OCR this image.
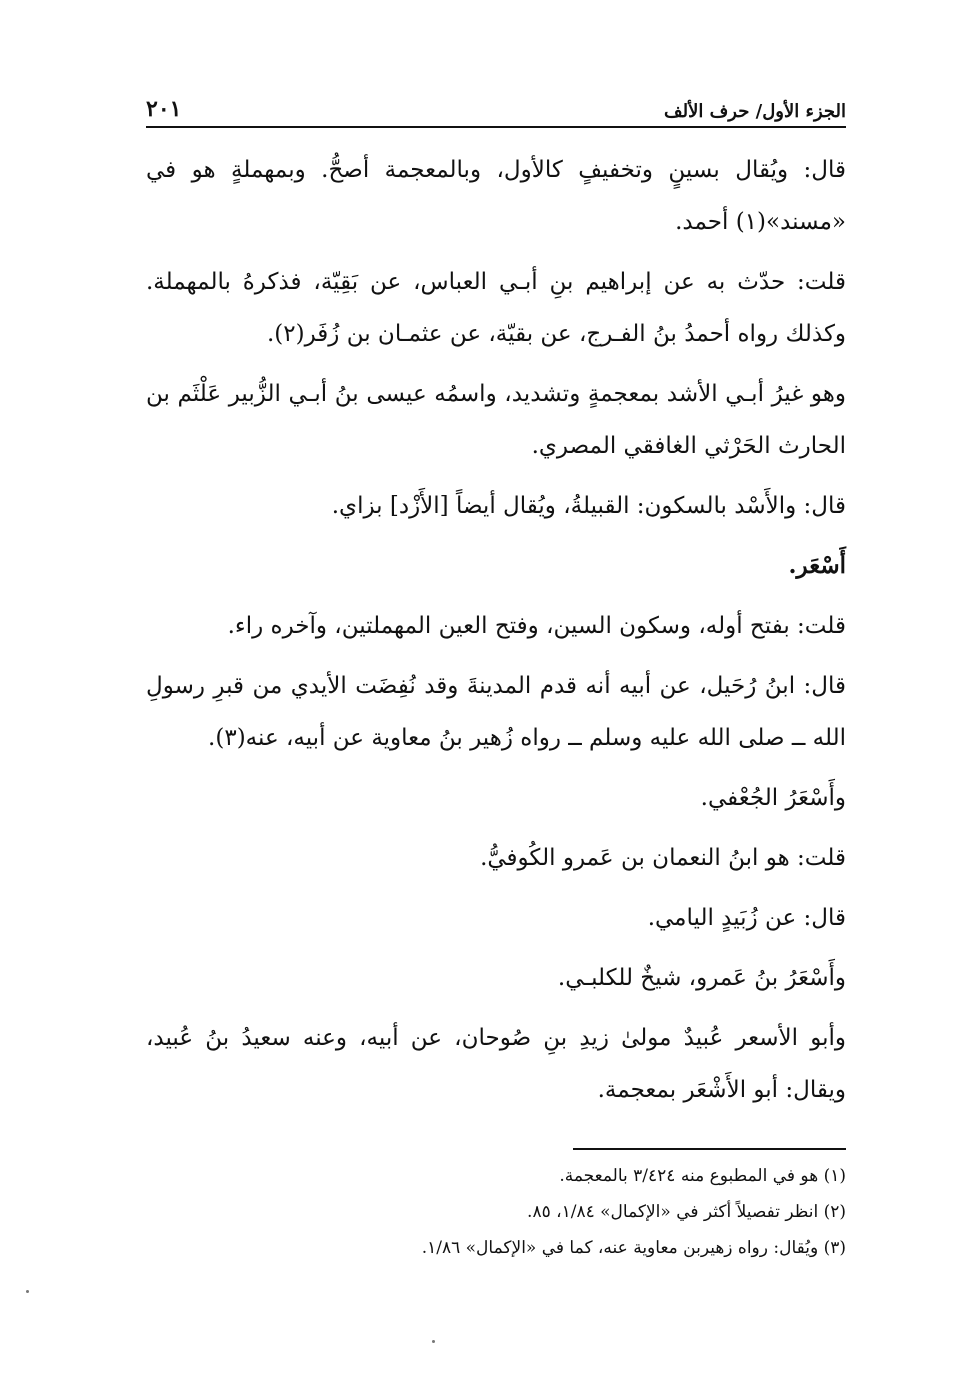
الجزء الأول/ حرف الألف
٢٠١

قال: ويُقال بسينٍ وتخفيفٍ كالأول، وبالمعجمة أصحُّ. وبمهملةٍ هو في «مسند»(١) أحمد.

قلت: حدّث به عن إبراهيم بنِ أبـي العباس، عن بَقِيّة، فذكرهُ بالمهملة. وكذلك رواه أحمدُ بنُ الفـرج، عن بقيّة، عن عثمـان بن زُفَر(٢).

وهو غيرُ أبـي الأشد بمعجمةٍ وتشديد، واسمُه عيسى بنُ أبـي الزُّبير عَلْثَم بن الحارث الحَرْثي الغافقي المصري.

قال: والأَسْد بالسكون: القبيلةُ، ويُقال أيضاً [الأَزْد] بزاي.

أَسْعَر.

قلت: بفتح أوله، وسكون السين، وفتح العين المهملتين، وآخره راء.

قال: ابنُ رُحَيل، عن أبيه أنه قدم المدينةَ وقد نُفِضَت الأيدي من قبرِ رسولِ الله ــ صلى الله عليه وسلم ــ رواه زُهير بنُ معاوية عن أبيه، عنه(٣).

وأَسْعَرُ الجُعْفي.

قلت: هو ابنُ النعمان بن عَمرو الكُوفيُّ.

قال: عن زُبَيدٍ اليامي.

وأَسْعَرُ بنُ عَمرو، شيخٌ للكلبـي.

وأبو الأسعر عُبيدٌ مولىٰ زيدِ بنِ صُوحان، عن أبيه، وعنه سعيدُ بنُ عُبيد، ويقال: أبو الأَشْعَر بمعجمة.

(١) هو في المطبوع منه ٣/٤٢٤ بالمعجمة.
(٢) انظر تفصيلاً أكثر في «الإكمال» ١/٨٤، ٨٥.
(٣) ويُقال: رواه زهيربن معاوية عنه، كما في «الإكمال» ١/٨٦.
